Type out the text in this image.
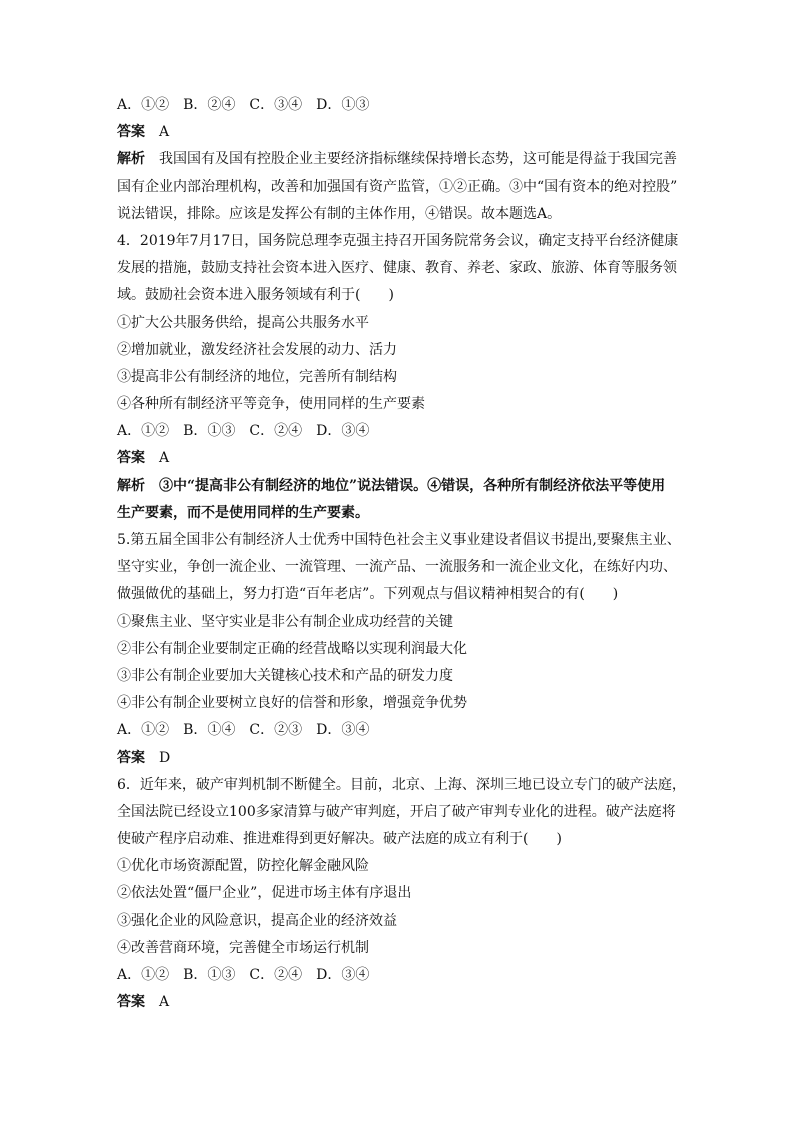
A．①②　B．②④　C．③④　D．①③
答案 A
解析 我国国有及国有控股企业主要经济指标继续保持增长态势，这可能是得益于我国完善
国有企业内部治理机构，改善和加强国有资产监管，①②正确。③中“国有资本的绝对控股”
说法错误，排除。应该是发挥公有制的主体作用，④错误。故本题选A。
4．2019年7月17日，国务院总理李克强主持召开国务院常务会议，确定支持平台经济健康
发展的措施，鼓励支持社会资本进入医疗、健康、教育、养老、家政、旅游、体育等服务领
域。鼓励社会资本进入服务领域有利于(　　)
①扩大公共服务供给，提高公共服务水平
②增加就业，激发经济社会发展的动力、活力
③提高非公有制经济的地位，完善所有制结构
④各种所有制经济平等竞争，使用同样的生产要素
A．①②　B．①③　C．②④　D．③④
答案 A
解析 ③中“提高非公有制经济的地位”说法错误。④错误，各种所有制经济依法平等使用
生产要素，而不是使用同样的生产要素。
5.第五届全国非公有制经济人士优秀中国特色社会主义事业建设者倡议书提出,要聚焦主业、
坚守实业，争创一流企业、一流管理、一流产品、一流服务和一流企业文化，在练好内功、
做强做优的基础上，努力打造“百年老店”。下列观点与倡议精神相契合的有(　　)
①聚焦主业、坚守实业是非公有制企业成功经营的关键
②非公有制企业要制定正确的经营战略以实现利润最大化
③非公有制企业要加大关键核心技术和产品的研发力度
④非公有制企业要树立良好的信誉和形象，增强竞争优势
A．①②　B．①④　C．②③　D．③④
答案 D
6．近年来，破产审判机制不断健全。目前，北京、上海、深圳三地已设立专门的破产法庭，
全国法院已经设立100多家清算与破产审判庭，开启了破产审判专业化的进程。破产法庭将
使破产程序启动难、推进难得到更好解决。破产法庭的成立有利于(　　)
①优化市场资源配置，防控化解金融风险
②依法处置“僵尸企业”，促进市场主体有序退出
③强化企业的风险意识，提高企业的经济效益
④改善营商环境，完善健全市场运行机制
A．①②　B．①③　C．②④　D．③④
答案 A
